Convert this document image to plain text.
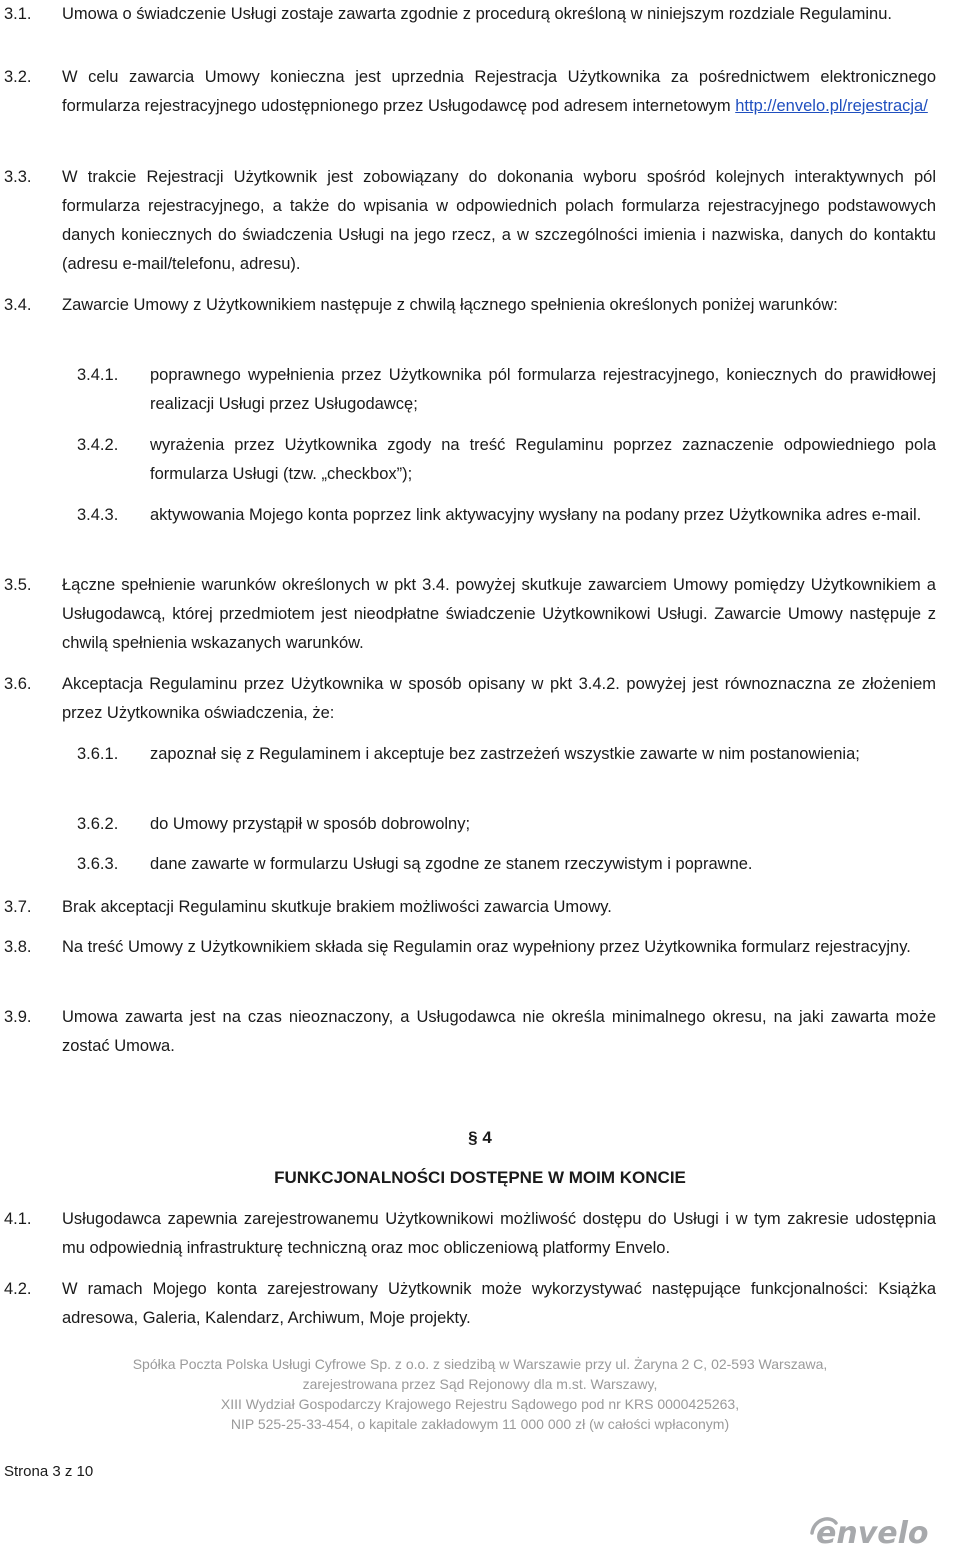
3.1. Umowa o świadczenie Usługi zostaje zawarta zgodnie z procedurą określoną w niniejszym rozdziale Regulaminu.
3.2. W celu zawarcia Umowy konieczna jest uprzednia Rejestracja Użytkownika za pośrednictwem elektronicznego formularza rejestracyjnego udostępnionego przez Usługodawcę pod adresem internetowym http://envelo.pl/rejestracja/
3.3. W trakcie Rejestracji Użytkownik jest zobowiązany do dokonania wyboru spośród kolejnych interaktywnych pól formularza rejestracyjnego, a także do wpisania w odpowiednich polach formularza rejestracyjnego podstawowych danych koniecznych do świadczenia Usługi na jego rzecz, a w szczególności imienia i nazwiska, danych do kontaktu (adresu e-mail/telefonu, adresu).
3.4. Zawarcie Umowy z Użytkownikiem następuje z chwilą łącznego spełnienia określonych poniżej warunków:
3.4.1. poprawnego wypełnienia przez Użytkownika pól formularza rejestracyjnego, koniecznych do prawidłowej realizacji Usługi przez Usługodawcę;
3.4.2. wyrażenia przez Użytkownika zgody na treść Regulaminu poprzez zaznaczenie odpowiedniego pola formularza Usługi (tzw. „checkbox”);
3.4.3. aktywowania Mojego konta poprzez link aktywacyjny wysłany na podany przez Użytkownika adres e-mail.
3.5. Łączne spełnienie warunków określonych w pkt 3.4. powyżej skutkuje zawarciem Umowy pomiędzy Użytkownikiem a Usługodawcą, której przedmiotem jest nieodpłatne świadczenie Użytkownikowi Usługi. Zawarcie Umowy następuje z chwilą spełnienia wskazanych warunków.
3.6. Akceptacja Regulaminu przez Użytkownika w sposób opisany w pkt 3.4.2. powyżej jest równoznaczna ze złożeniem przez Użytkownika oświadczenia, że:
3.6.1. zapoznał się z Regulaminem i akceptuje bez zastrzeżeń wszystkie zawarte w nim postanowienia;
3.6.2. do Umowy przystąpił w sposób dobrowolny;
3.6.3. dane zawarte w formularzu Usługi są zgodne ze stanem rzeczywistym i poprawne.
3.7. Brak akceptacji Regulaminu skutkuje brakiem możliwości zawarcia Umowy.
3.8. Na treść Umowy z Użytkownikiem składa się Regulamin oraz wypełniony przez Użytkownika formularz rejestracyjny.
3.9. Umowa zawarta jest na czas nieoznaczony, a Usługodawca nie określa minimalnego okresu, na jaki zawarta może zostać Umowa.
§ 4
FUNKCJONALNOŚCI DOSTĘPNE W MOIM KONCIE
4.1. Usługodawca zapewnia zarejestrowanemu Użytkownikowi możliwość dostępu do Usługi i w tym zakresie udostępnia mu odpowiednią infrastrukturę techniczną oraz moc obliczeniową platformy Envelo.
4.2. W ramach Mojego konta zarejestrowany Użytkownik może wykorzystywać następujące funkcjonalności: Książka adresowa, Galeria, Kalendarz, Archiwum, Moje projekty.
Spółka Poczta Polska Usługi Cyfrowe Sp. z o.o. z siedzibą w Warszawie przy ul. Żaryna 2 C, 02-593 Warszawa,
zarejestrowana przez Sąd Rejonowy dla m.st. Warszawy,
XIII Wydział Gospodarczy Krajowego Rejestru Sądowego pod nr KRS 0000425263,
NIP 525-25-33-454, o kapitale zakładowym 11 000 000 zł (w całości wpłaconym)
Strona 3 z 10
envelo
